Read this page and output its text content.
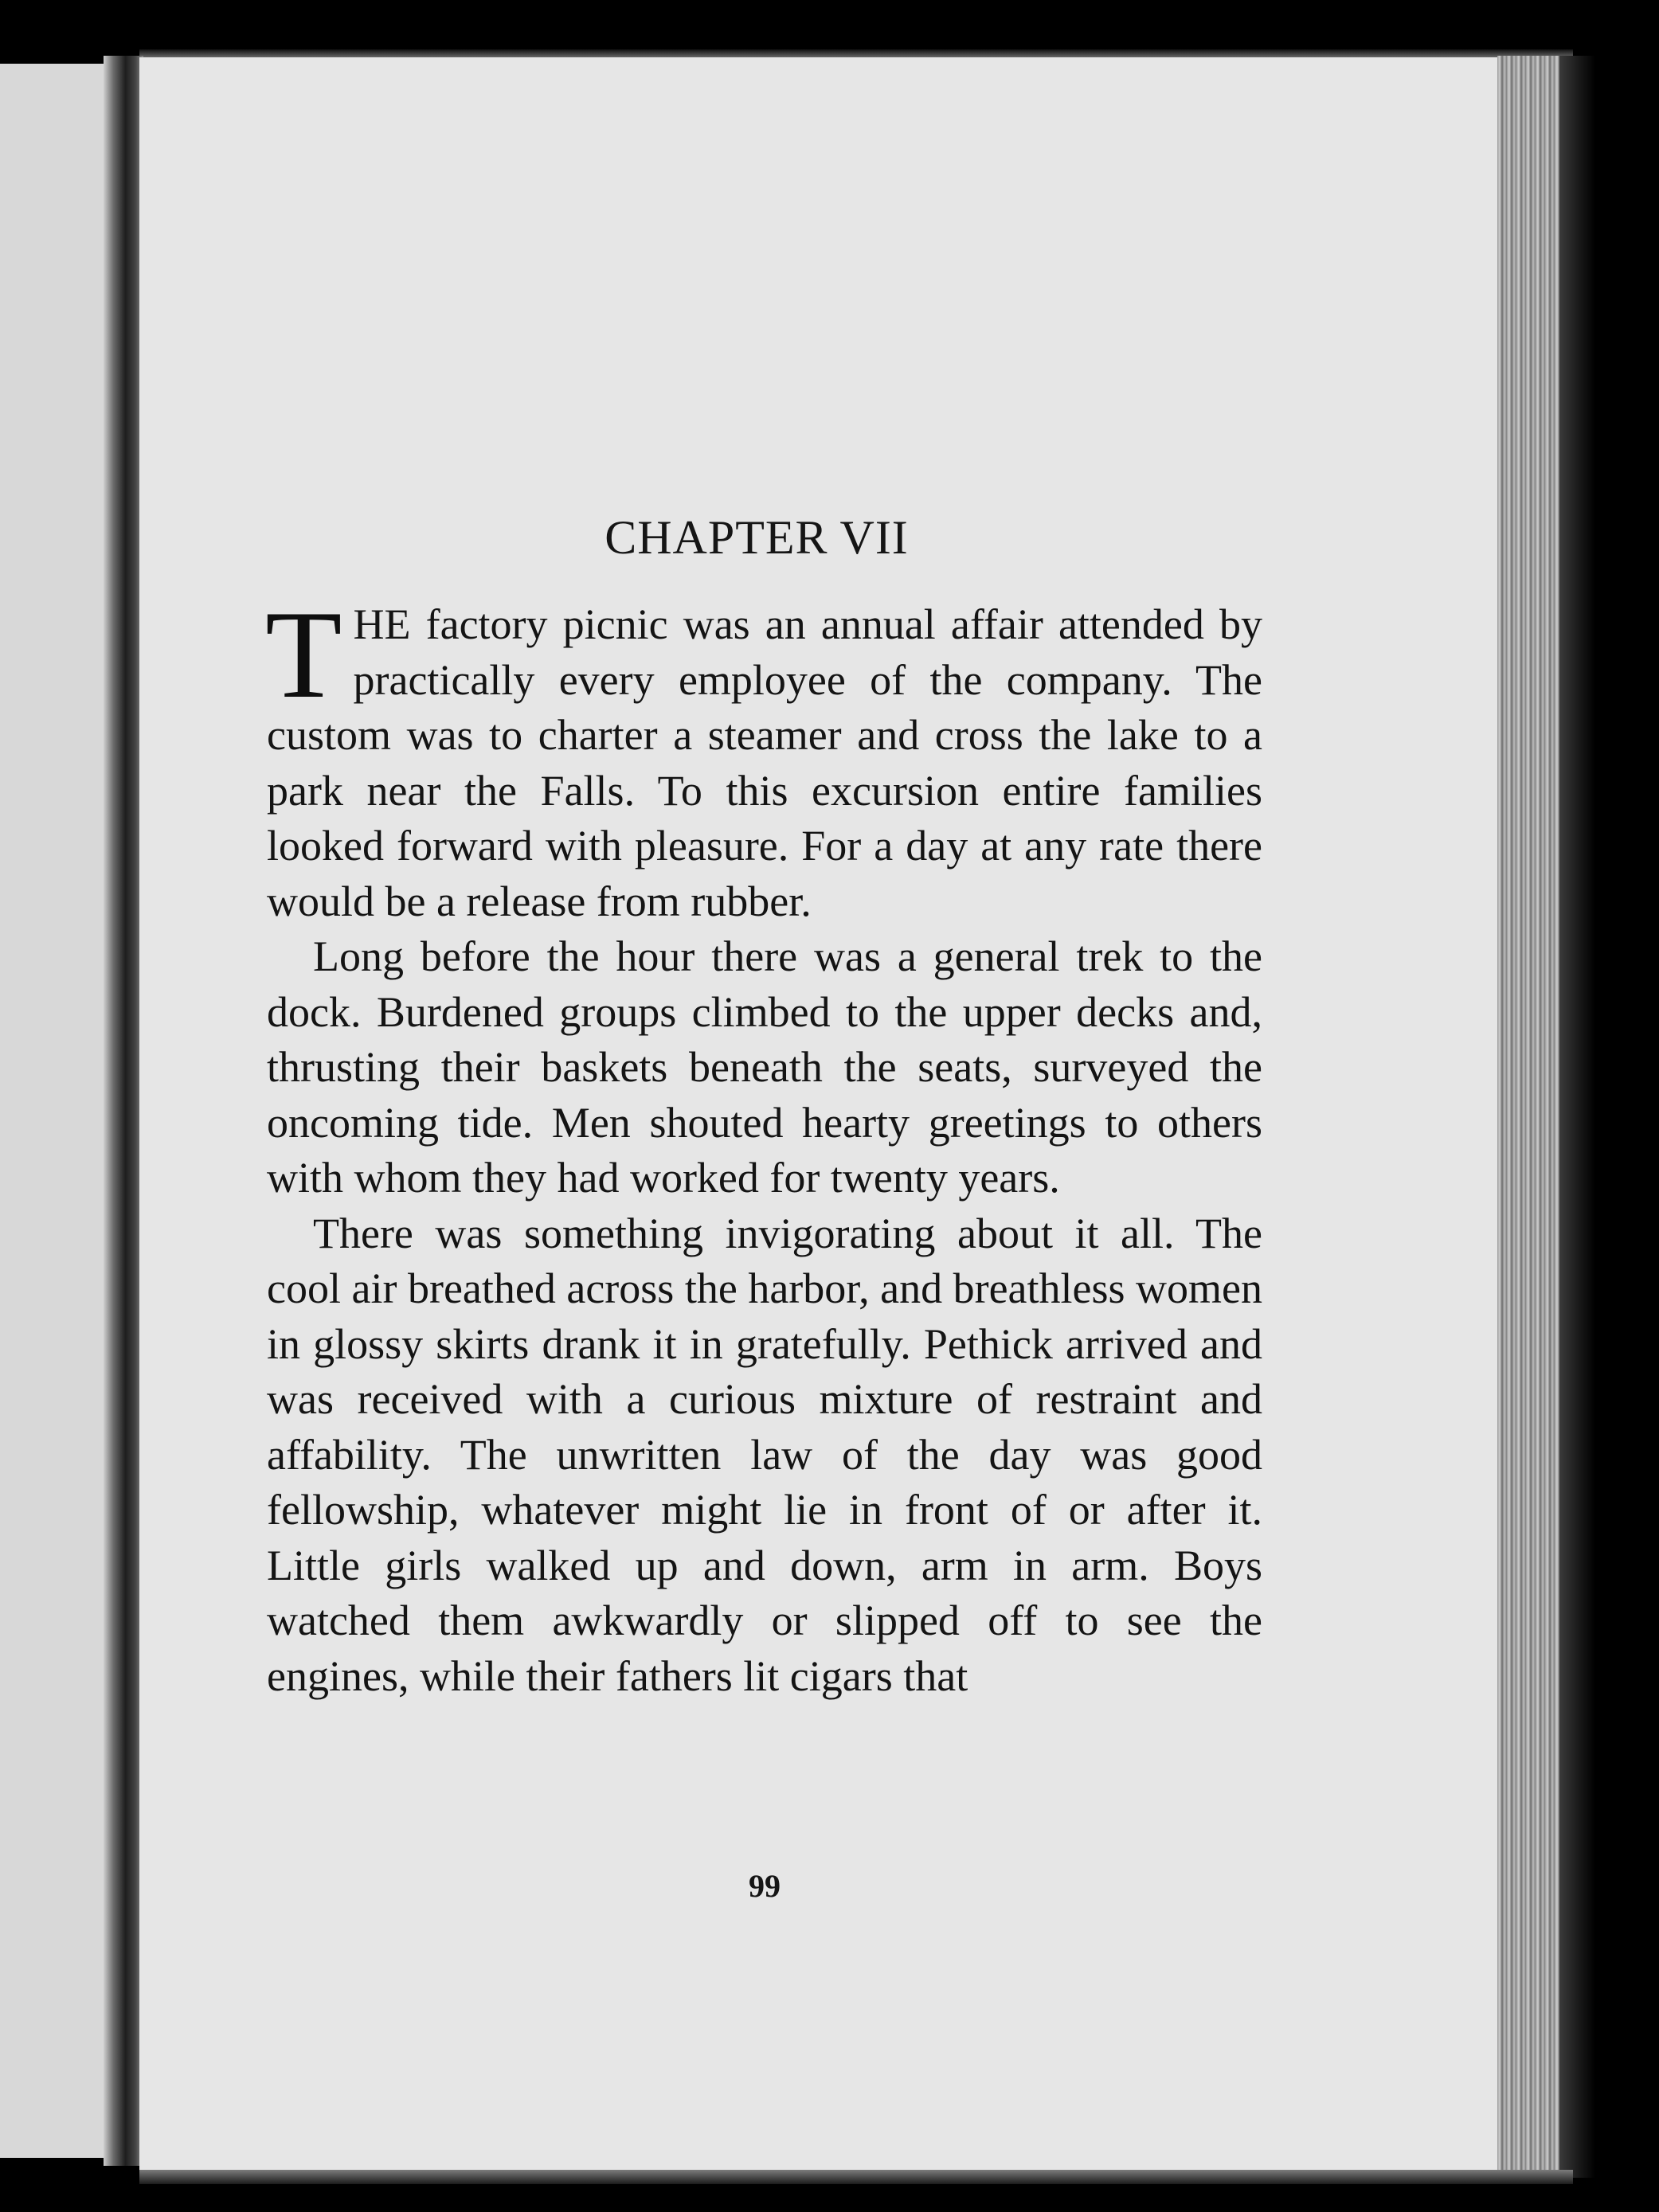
CHAPTER VII

THE factory picnic was an annual affair attended by practically every employee of the company. The custom was to charter a steamer and cross the lake to a park near the Falls. To this excursion entire families looked forward with pleasure. For a day at any rate there would be a release from rubber.

Long before the hour there was a general trek to the dock. Burdened groups climbed to the upper decks and, thrusting their baskets beneath the seats, surveyed the oncoming tide. Men shouted hearty greetings to others with whom they had worked for twenty years.

There was something invigorating about it all. The cool air breathed across the harbor, and breathless women in glossy skirts drank it in gratefully. Pethick arrived and was received with a curious mixture of restraint and affability. The unwritten law of the day was good fellowship, whatever might lie in front of or after it. Little girls walked up and down, arm in arm. Boys watched them awkwardly or slipped off to see the engines, while their fathers lit cigars that

99
